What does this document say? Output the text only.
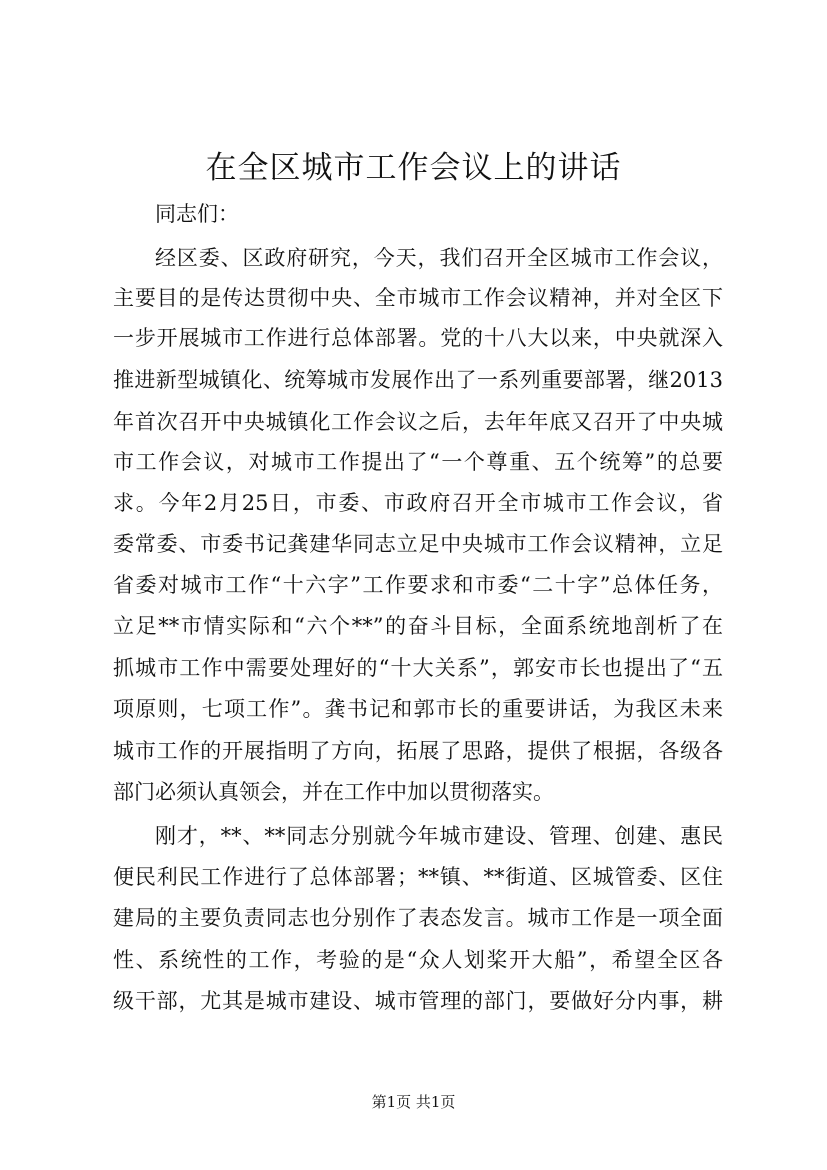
在全区城市工作会议上的讲话
同志们：
经区委、区政府研究，今天，我们召开全区城市工作会议，
主要目的是传达贯彻中央、全市城市工作会议精神，并对全区下
一步开展城市工作进行总体部署。党的十八大以来，中央就深入
推进新型城镇化、统筹城市发展作出了一系列重要部署，继2013
年首次召开中央城镇化工作会议之后，去年年底又召开了中央城
市工作会议，对城市工作提出了“一个尊重、五个统筹”的总要
求。今年2月25日，市委、市政府召开全市城市工作会议，省
委常委、市委书记龚建华同志立足中央城市工作会议精神，立足
省委对城市工作“十六字”工作要求和市委“二十字”总体任务，
立足**市情实际和“六个**”的奋斗目标，全面系统地剖析了在
抓城市工作中需要处理好的“十大关系”，郭安市长也提出了“五
项原则，七项工作”。龚书记和郭市长的重要讲话，为我区未来
城市工作的开展指明了方向，拓展了思路，提供了根据，各级各
部门必须认真领会，并在工作中加以贯彻落实。
刚才，**、**同志分别就今年城市建设、管理、创建、惠民
便民利民工作进行了总体部署；**镇、**街道、区城管委、区住
建局的主要负责同志也分别作了表态发言。城市工作是一项全面
性、系统性的工作，考验的是“众人划桨开大船”，希望全区各
级干部，尤其是城市建设、城市管理的部门，要做好分内事，耕
第1页 共1页
